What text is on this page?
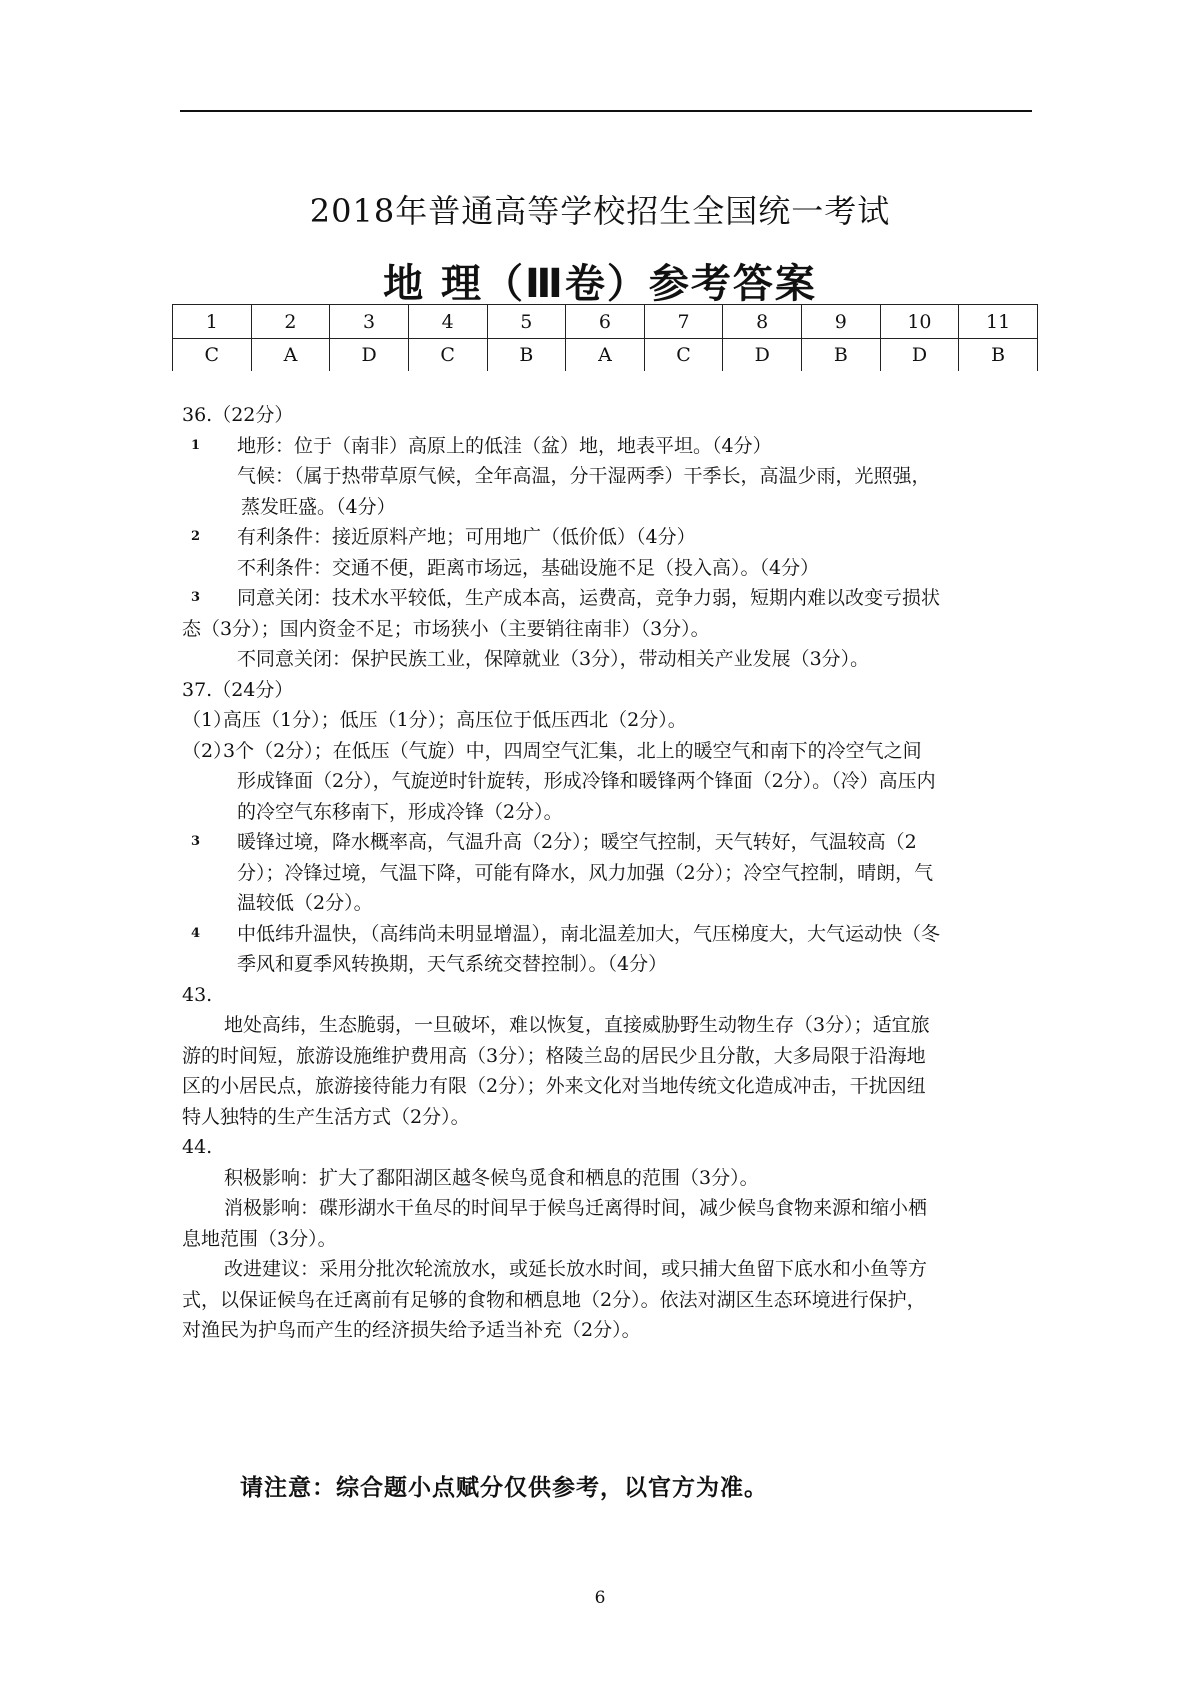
2018年普通高等学校招生全国统一考试
地 理（Ⅲ卷）参考答案
1	2	3	4	5	6	7	8	9	10	11
C	A	D	C	B	A	C	D	B	D	B

36.（22分）

1 地形：位于（南非）高原上的低洼（盆）地，地表平坦。（4分）

气候：（属于热带草原气候，全年高温，分干湿两季）干季长，高温少雨，光照强，

蒸发旺盛。（4分）

2 有利条件：接近原料产地；可用地广（低价低）（4分）

不利条件：交通不便，距离市场远，基础设施不足（投入高）。（4分）

3 同意关闭：技术水平较低，生产成本高，运费高，竞争力弱，短期内难以改变亏损状

态（3分）；国内资金不足；市场狭小（主要销往南非）（3分）。

不同意关闭：保护民族工业，保障就业（3分），带动相关产业发展（3分）。

37.（24分）

（1）

高压（1分）；低压（1分）；高压位于低压西北（2分）。

（2）

3个（2分）；在低压（气旋）中，四周空气汇集，北上的暖空气和南下的冷空气之间

形成锋面（2分），气旋逆时针旋转，形成冷锋和暖锋两个锋面（2分）。（冷）高压内

的冷空气东移南下，形成冷锋（2分）。

3 暖锋过境，降水概率高，气温升高（2分）；暖空气控制，天气转好，气温较高（2

分）；冷锋过境，气温下降，可能有降水，风力加强（2分）；冷空气控制，晴朗，气

温较低（2分）。

4 中低纬升温快，（高纬尚未明显增温），南北温差加大，气压梯度大，大气运动快（冬

季风和夏季风转换期，天气系统交替控制）。（4分）

43.

地处高纬，生态脆弱，一旦破坏，难以恢复，直接威胁野生动物生存（3分）；适宜旅

游的时间短，旅游设施维护费用高（3分）；格陵兰岛的居民少且分散，大多局限于沿海地

区的小居民点，旅游接待能力有限（2分）；外来文化对当地传统文化造成冲击，干扰因纽

特人独特的生产生活方式（2分）。

44.

积极影响：扩大了鄱阳湖区越冬候鸟觅食和栖息的范围（3分）。

消极影响：碟形湖水干鱼尽的时间早于候鸟迁离得时间，减少候鸟食物来源和缩小栖

息地范围（3分）。

改进建议：采用分批次轮流放水，或延长放水时间，或只捕大鱼留下底水和小鱼等方

式，以保证候鸟在迁离前有足够的食物和栖息地（2分）。依法对湖区生态环境进行保护，

对渔民为护鸟而产生的经济损失给予适当补充（2分）。

请注意：综合题小点赋分仅供参考，以官方为准。
6
